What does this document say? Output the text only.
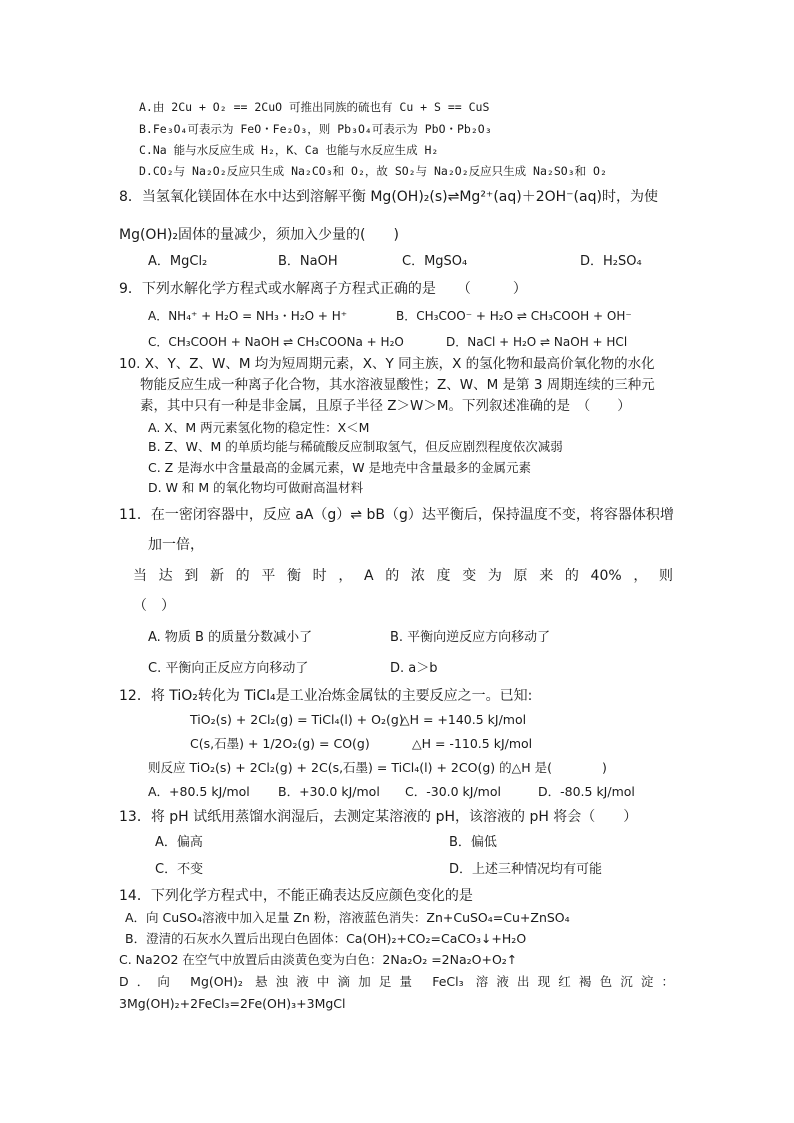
A.由 2Cu + O₂ == 2CuO 可推出同族的硫也有 Cu + S == CuS
B.Fe₃O₄可表示为 FeO・Fe₂O₃，则 Pb₃O₄可表示为 PbO・Pb₂O₃
C.Na 能与水反应生成 H₂，K、Ca 也能与水反应生成 H₂
D.CO₂与 Na₂O₂反应只生成 Na₂CO₃和 O₂，故 SO₂与 Na₂O₂反应只生成 Na₂SO₃和 O₂
8．当氢氧化镁固体在水中达到溶解平衡 Mg(OH)₂(s)⇌Mg²⁺(aq)＋2OH⁻(aq)时，为使
Mg(OH)₂固体的量减少，须加入少量的(　　)
A．MgCl₂	B．NaOH	C．MgSO₄	D．H₂SO₄
9．下列水解化学方程式或水解离子方程式正确的是　　（　　　）
A．NH₄⁺ + H₂O = NH₃・H₂O + H⁺	B．CH₃COO⁻ + H₂O ⇌ CH₃COOH + OH⁻
C．CH₃COOH + NaOH ⇌ CH₃COONa + H₂O	D．NaCl + H₂O ⇌ NaOH + HCl
10. X、Y、Z、W、M 均为短周期元素，X、Y 同主族，X 的氢化物和最高价氧化物的水化
物能反应生成一种离子化合物，其水溶液显酸性；Z、W、M 是第 3 周期连续的三种元
素，其中只有一种是非金属，且原子半径 Z＞W＞M。下列叙述准确的是　（　　）
A. X、M 两元素氢化物的稳定性：X＜M
B. Z、W、M 的单质均能与稀硫酸反应制取氢气，但反应剧烈程度依次减弱
C. Z 是海水中含量最高的金属元素，W 是地壳中含量最多的金属元素
D. W 和 M 的氧化物均可做耐高温材料
11．在一密闭容器中，反应 aA（g）⇌ bB（g）达平衡后，保持温度不变，将容器体积增
加一倍，
当达到新的平衡时，A的浓度变为原来的40%，则
（　）
A. 物质 B 的质量分数减小了	B. 平衡向逆反应方向移动了
C. 平衡向正反应方向移动了	D. a＞b
12．将 TiO₂转化为 TiCl₄是工业冶炼金属钛的主要反应之一。已知:
TiO₂(s) + 2Cl₂(g) = TiCl₄(l) + O₂(g)
△H = +140.5 kJ/mol
C(s,石墨) + 1/2O₂(g) = CO(g)	△H = -110.5 kJ/mol
则反应 TiO₂(s) + 2Cl₂(g) + 2C(s,石墨) = TiCl₄(l) + 2CO(g) 的△H 是(　　　　)
A．+80.5 kJ/mol B．+30.0 kJ/mol C．-30.0 kJ/mol	D．-80.5 kJ/mol
13．将 pH 试纸用蒸馏水润湿后，去测定某溶液的 pH，该溶液的 pH 将会（　　）
A．偏高	B．偏低
C．不变	D．上述三种情况均有可能
14．下列化学方程式中，不能正确表达反应颜色变化的是
A．向 CuSO₄溶液中加入足量 Zn 粉，溶液蓝色消失：Zn+CuSO₄=Cu+ZnSO₄
B．澄清的石灰水久置后出现白色固体：Ca(OH)₂+CO₂=CaCO₃↓+H₂O
C. Na2O2 在空气中放置后由淡黄色变为白色：2Na₂O₂ =2Na₂O+O₂↑
D．向 Mg(OH)₂ 悬浊液中滴加足量 FeCl₃ 溶液出现红褐色沉淀：
3Mg(OH)₂+2FeCl₃=2Fe(OH)₃+3MgCl
